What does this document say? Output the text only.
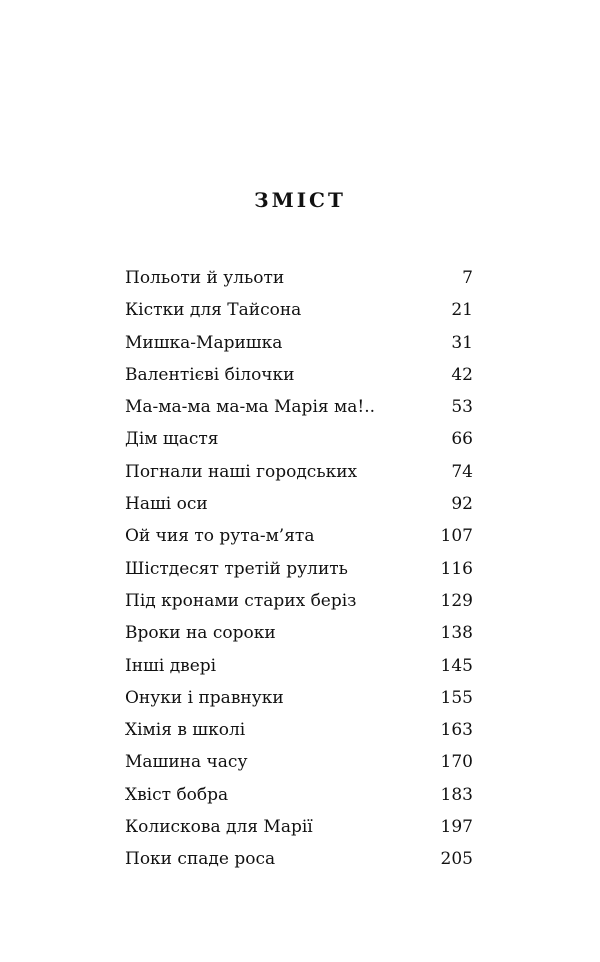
ЗМІСТ
Польоти й ульоти	7
Кістки для Тайсона	21
Мишка-Маришка	31
Валентієві білочки	42
Ма-ма-ма ма-ма Марія ма!..	53
Дім щастя	66
Погнали наші городських	74
Наші оси	92
Ой чия то рута-м’ята	107
Шістдесят третій рулить	116
Під кронами старих беріз	129
Вроки на сороки	138
Інші двері	145
Онуки і правнуки	155
Хімія в школі	163
Машина часу	170
Хвіст бобра	183
Колискова для Марії	197
Поки спаде роса	205
